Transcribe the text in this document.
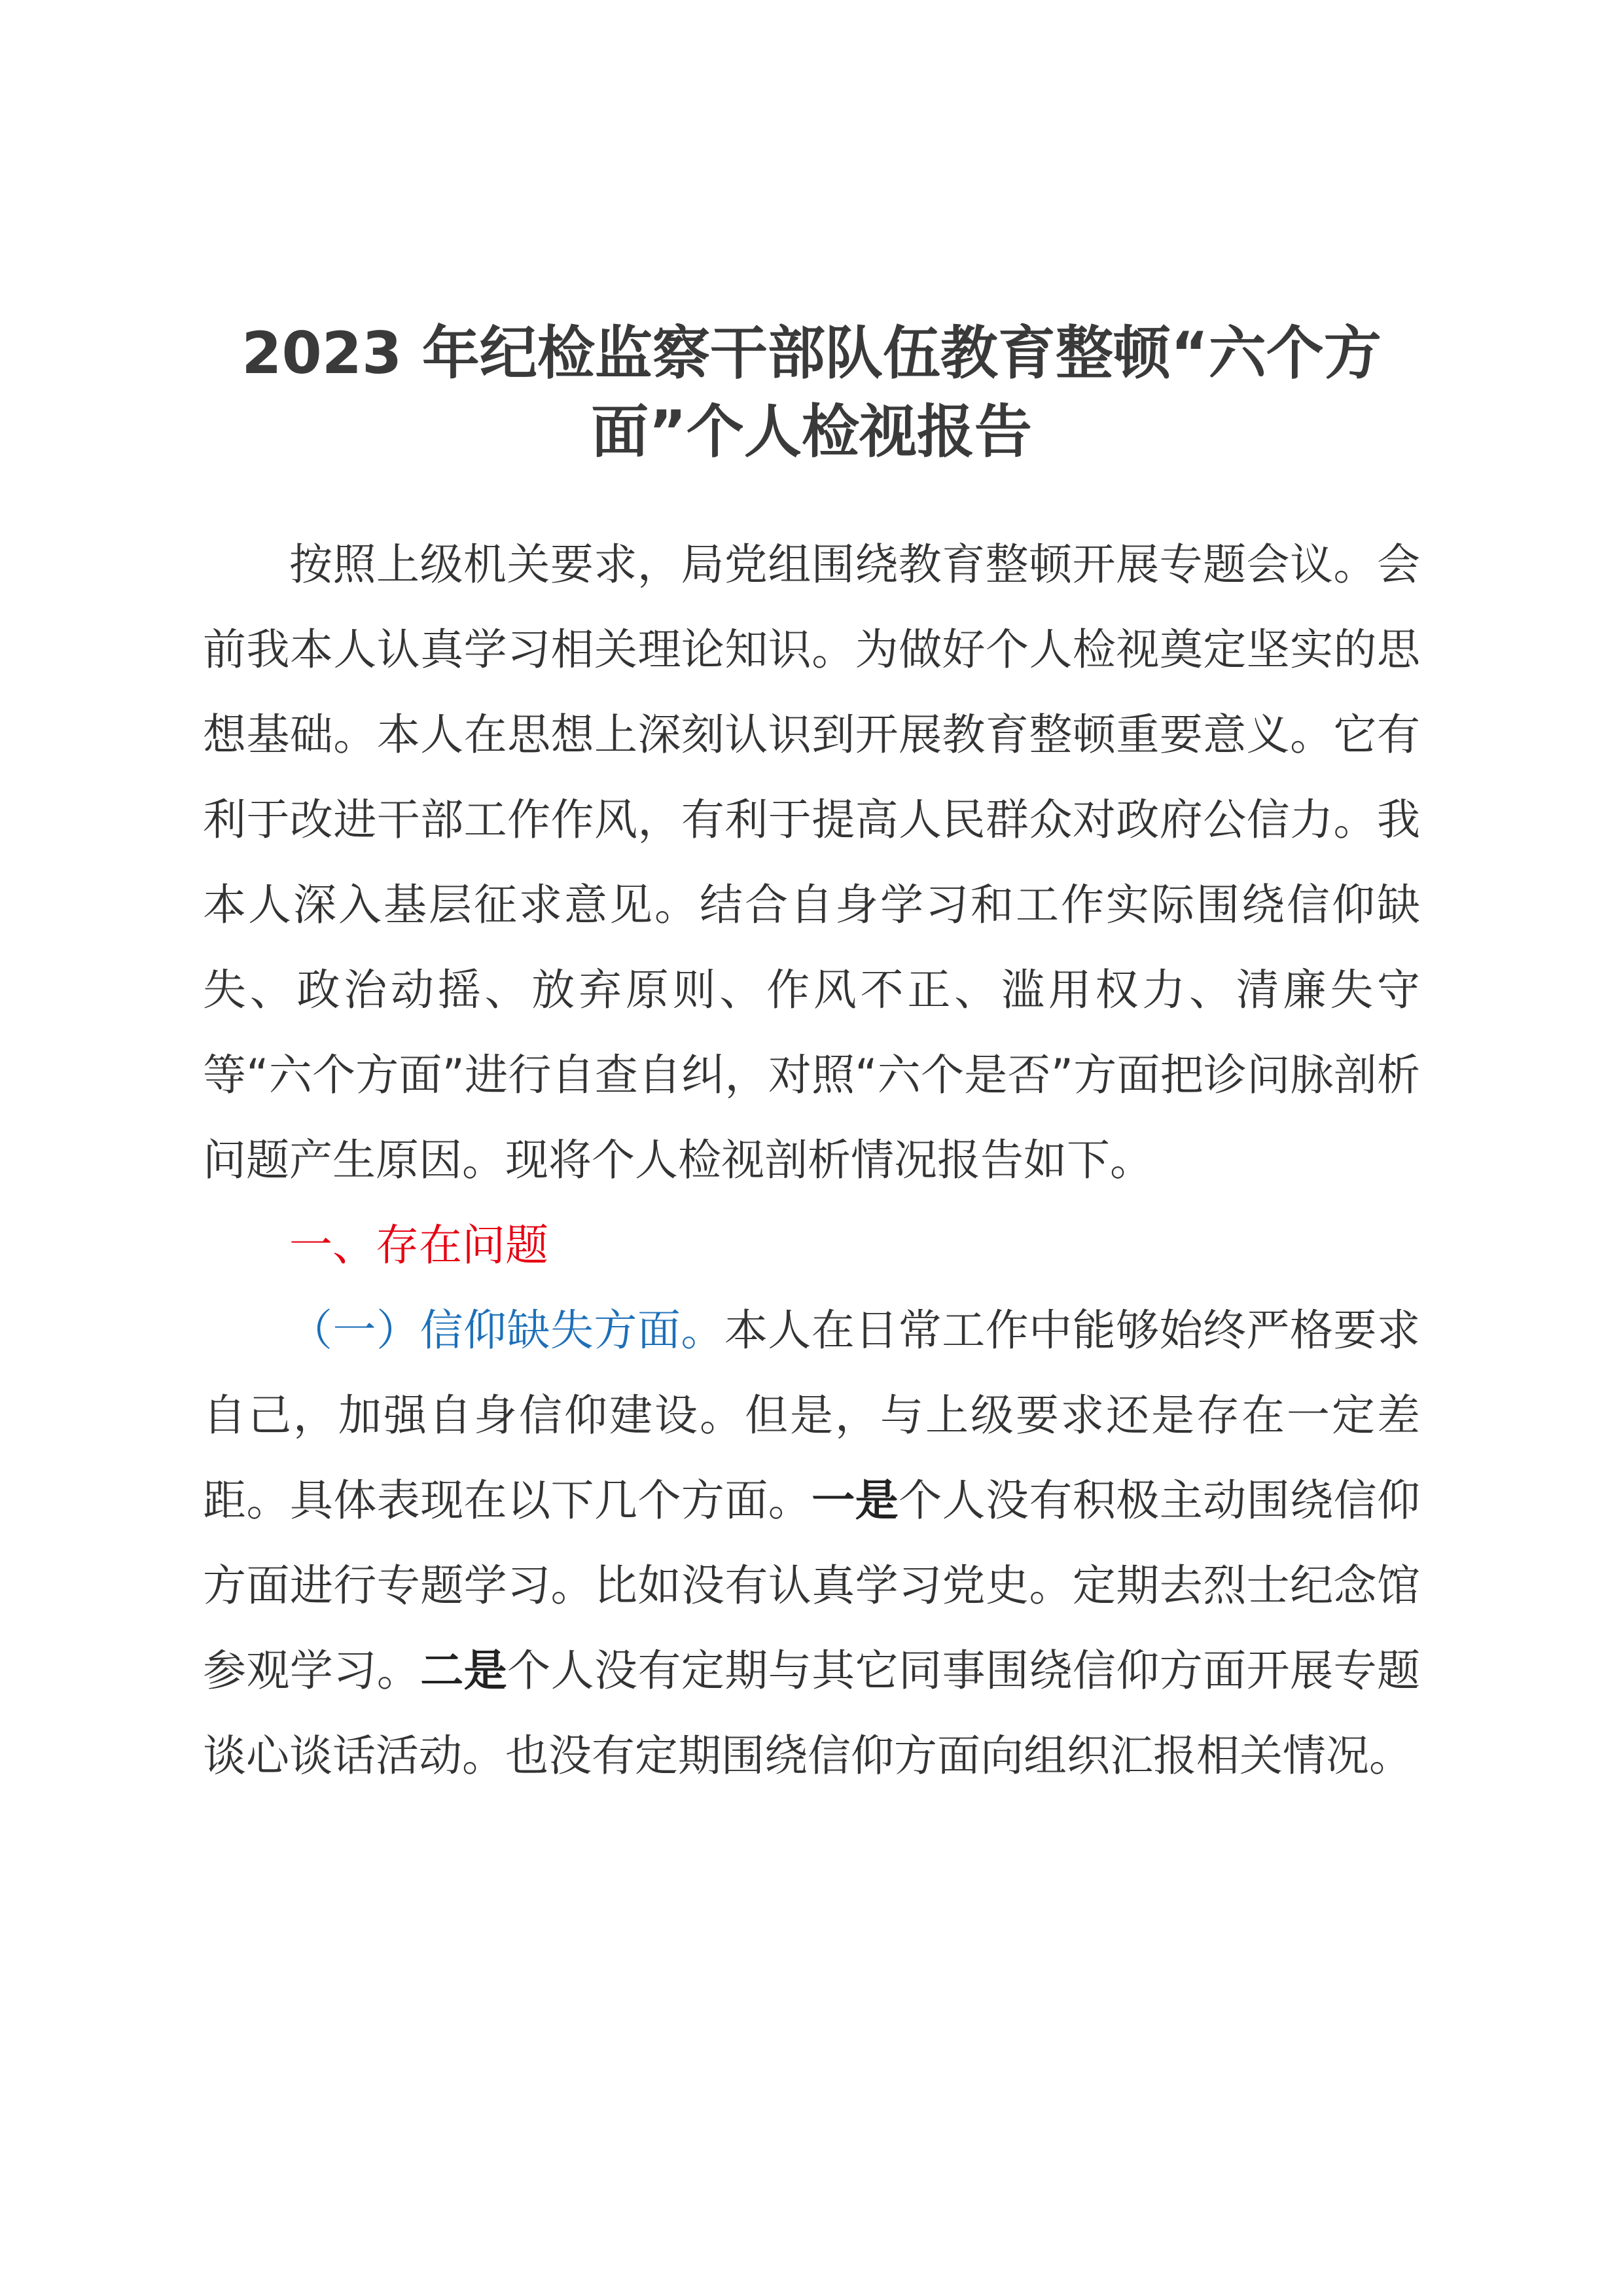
2023 年纪检监察干部队伍教育整顿“六个方
面”个人检视报告

按照上级机关要求，局党组围绕教育整顿开展专题会议。会前我本人认真学习相关理论知识。为做好个人检视奠定坚实的思想基础。本人在思想上深刻认识到开展教育整顿重要意义。它有利于改进干部工作作风，有利于提高人民群众对政府公信力。我本人深入基层征求意见。结合自身学习和工作实际围绕信仰缺失、政治动摇、放弃原则、作风不正、滥用权力、清廉失守等“六个方面”进行自查自纠，对照“六个是否”方面把诊问脉剖析问题产生原因。现将个人检视剖析情况报告如下。

一、存在问题

（一）信仰缺失方面。本人在日常工作中能够始终严格要求自己，加强自身信仰建设。但是，与上级要求还是存在一定差距。具体表现在以下几个方面。一是个人没有积极主动围绕信仰方面进行专题学习。比如没有认真学习党史。定期去烈士纪念馆参观学习。二是个人没有定期与其它同事围绕信仰方面开展专题谈心谈话活动。也没有定期围绕信仰方面向组织汇报相关情况。
